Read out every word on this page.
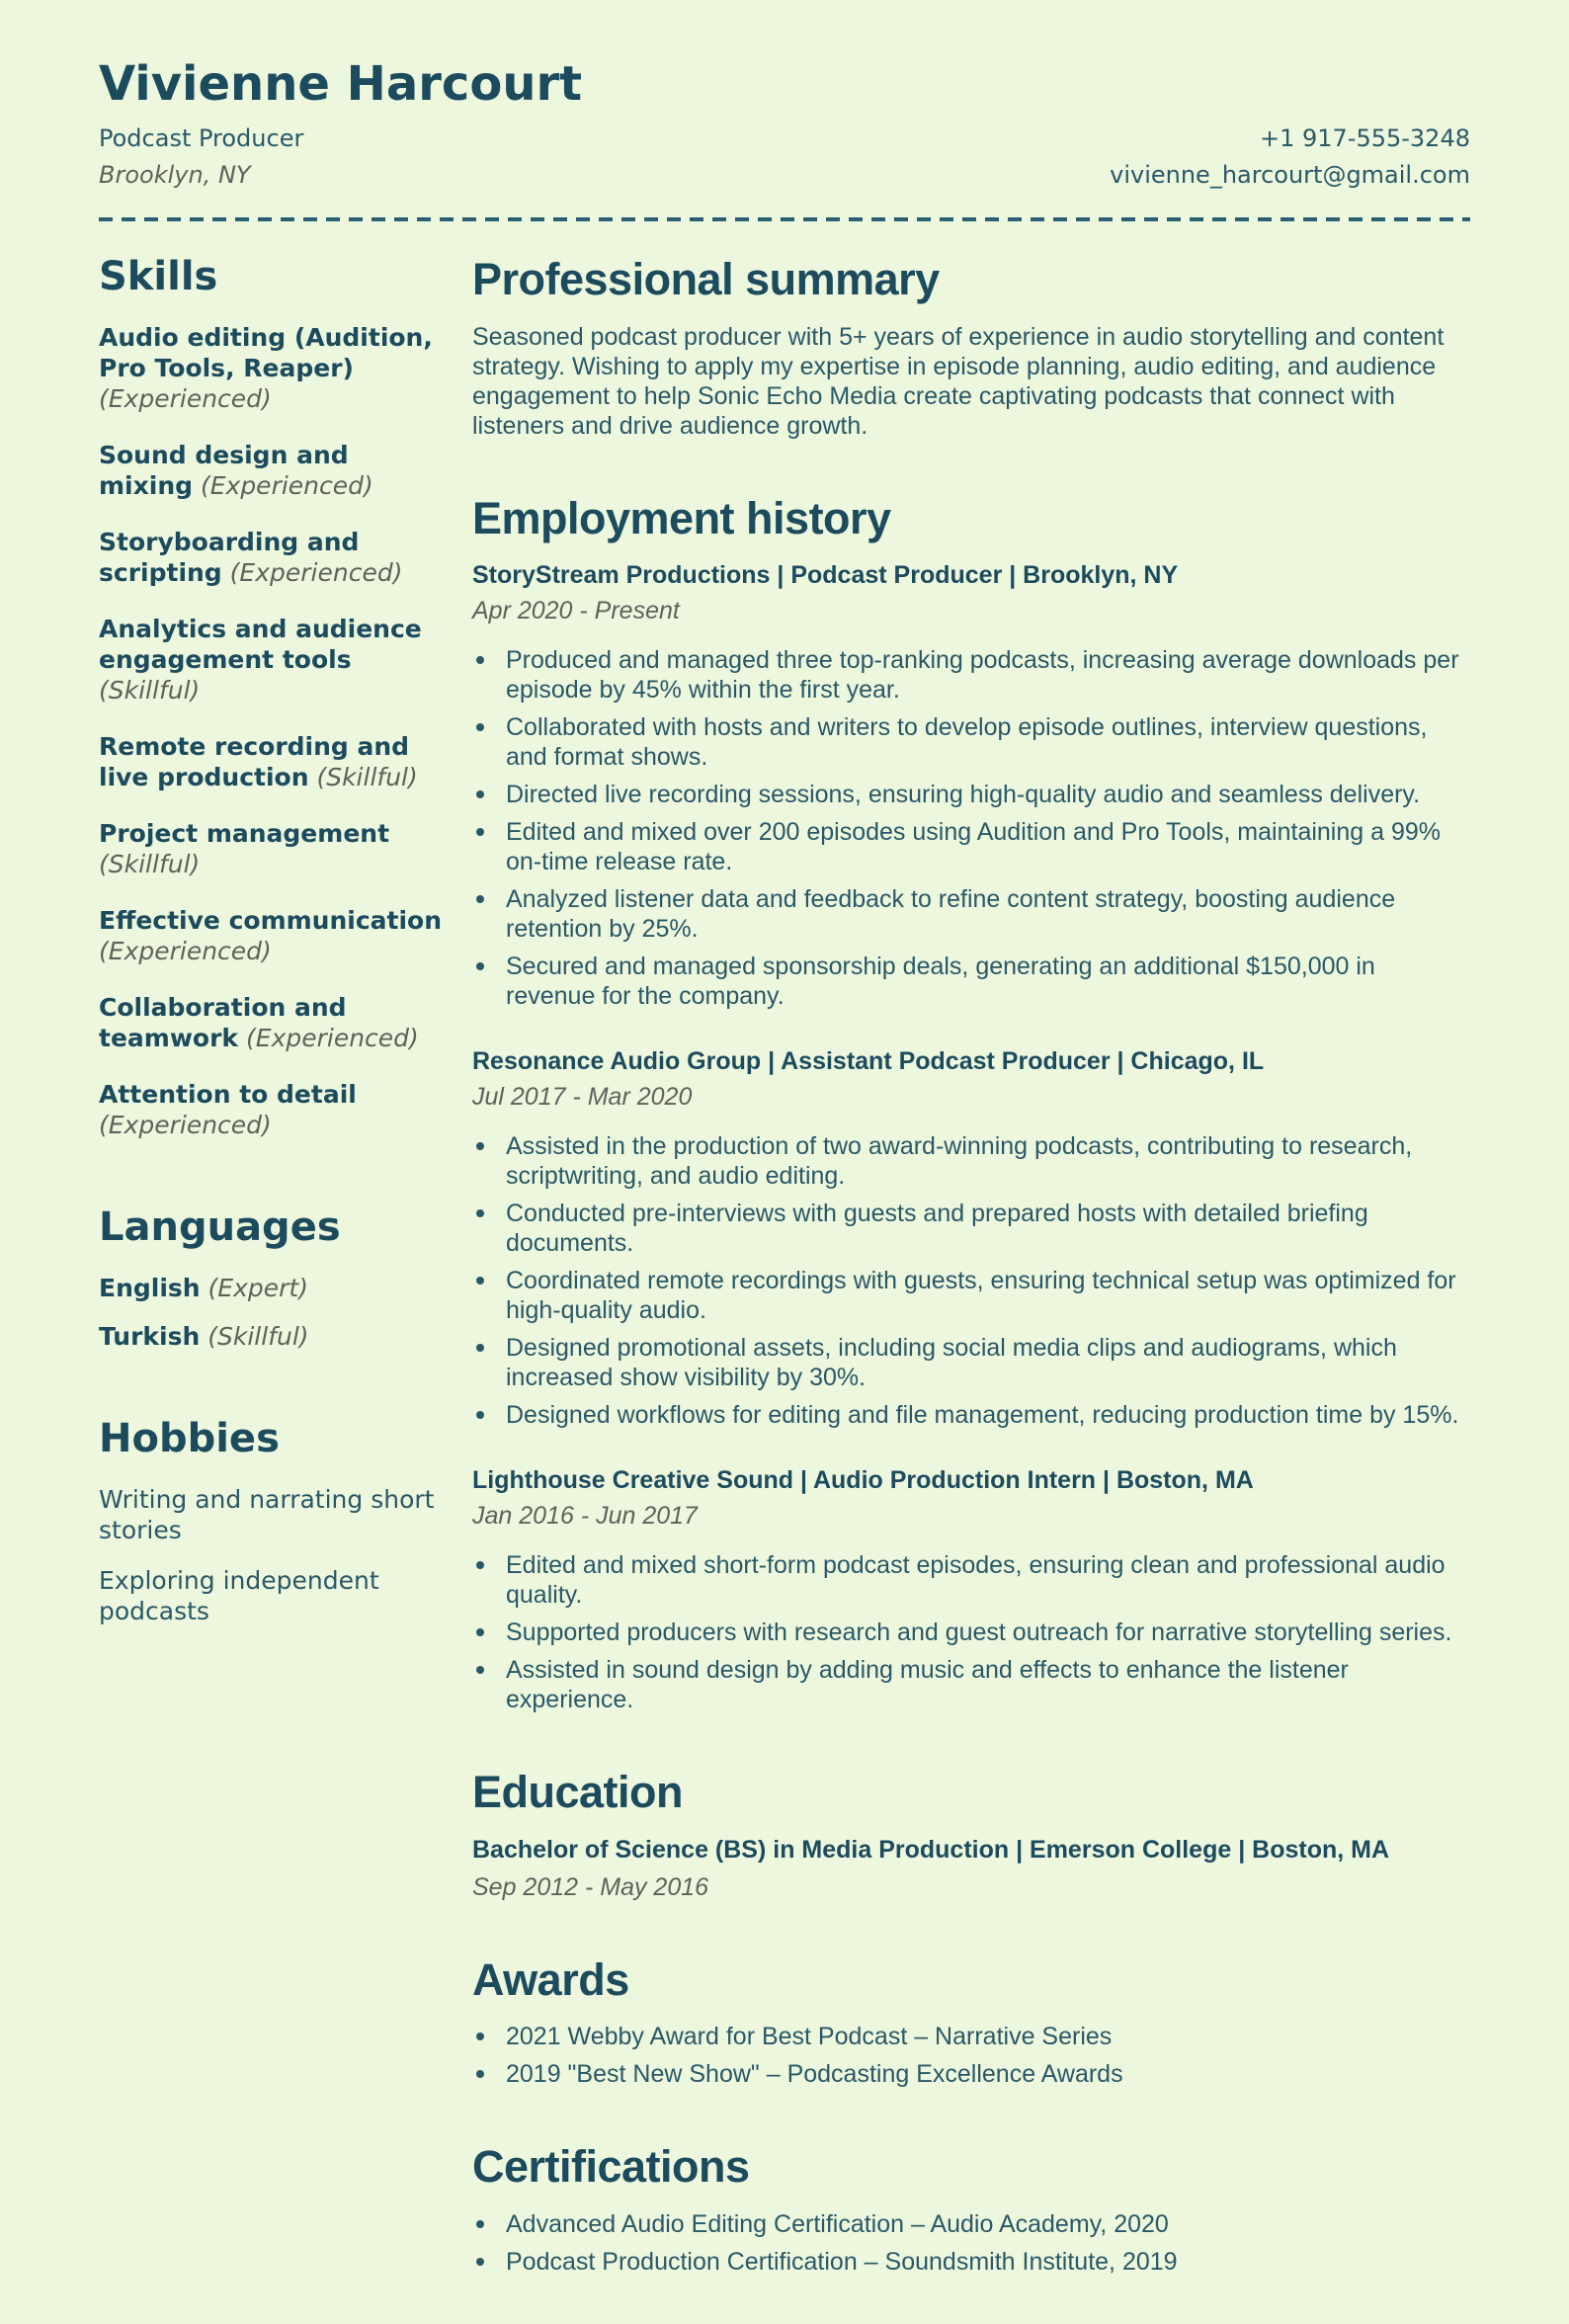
Vivienne Harcourt
Podcast Producer
Brooklyn, NY
+1 917-555-3248
vivienne_harcourt@gmail.com
Skills
Audio editing (Audition, Pro Tools, Reaper) (Experienced)
Sound design and mixing (Experienced)
Storyboarding and scripting (Experienced)
Analytics and audience engagement tools (Skillful)
Remote recording and live production (Skillful)
Project management (Skillful)
Effective communication (Experienced)
Collaboration and teamwork (Experienced)
Attention to detail (Experienced)
Languages
English (Expert)
Turkish (Skillful)
Hobbies
Writing and narrating short stories
Exploring independent podcasts
Professional summary

Seasoned podcast producer with 5+ years of experience in audio storytelling and content strategy. Wishing to apply my expertise in episode planning, audio editing, and audience engagement to help Sonic Echo Media create captivating podcasts that connect with listeners and drive audience growth.

Employment history
StoryStream Productions | Podcast Producer | Brooklyn, NY
Apr 2020 - Present
Produced and managed three top-ranking podcasts, increasing average downloads per episode by 45% within the first year.
Collaborated with hosts and writers to develop episode outlines, interview questions, and format shows.
Directed live recording sessions, ensuring high-quality audio and seamless delivery.
Edited and mixed over 200 episodes using Audition and Pro Tools, maintaining a 99% on-time release rate.
Analyzed listener data and feedback to refine content strategy, boosting audience retention by 25%.
Secured and managed sponsorship deals, generating an additional $150,000 in revenue for the company.
Resonance Audio Group | Assistant Podcast Producer | Chicago, IL
Jul 2017 - Mar 2020
Assisted in the production of two award-winning podcasts, contributing to research, scriptwriting, and audio editing.
Conducted pre-interviews with guests and prepared hosts with detailed briefing documents.
Coordinated remote recordings with guests, ensuring technical setup was optimized for high-quality audio.
Designed promotional assets, including social media clips and audiograms, which increased show visibility by 30%.
Designed workflows for editing and file management, reducing production time by 15%.
Lighthouse Creative Sound | Audio Production Intern | Boston, MA
Jan 2016 - Jun 2017
Edited and mixed short-form podcast episodes, ensuring clean and professional audio quality.
Supported producers with research and guest outreach for narrative storytelling series.
Assisted in sound design by adding music and effects to enhance the listener experience.
Education
Bachelor of Science (BS) in Media Production | Emerson College | Boston, MA
Sep 2012 - May 2016
Awards
2021 Webby Award for Best Podcast – Narrative Series
2019 "Best New Show" – Podcasting Excellence Awards
Certifications
Advanced Audio Editing Certification – Audio Academy, 2020
Podcast Production Certification – Soundsmith Institute, 2019
